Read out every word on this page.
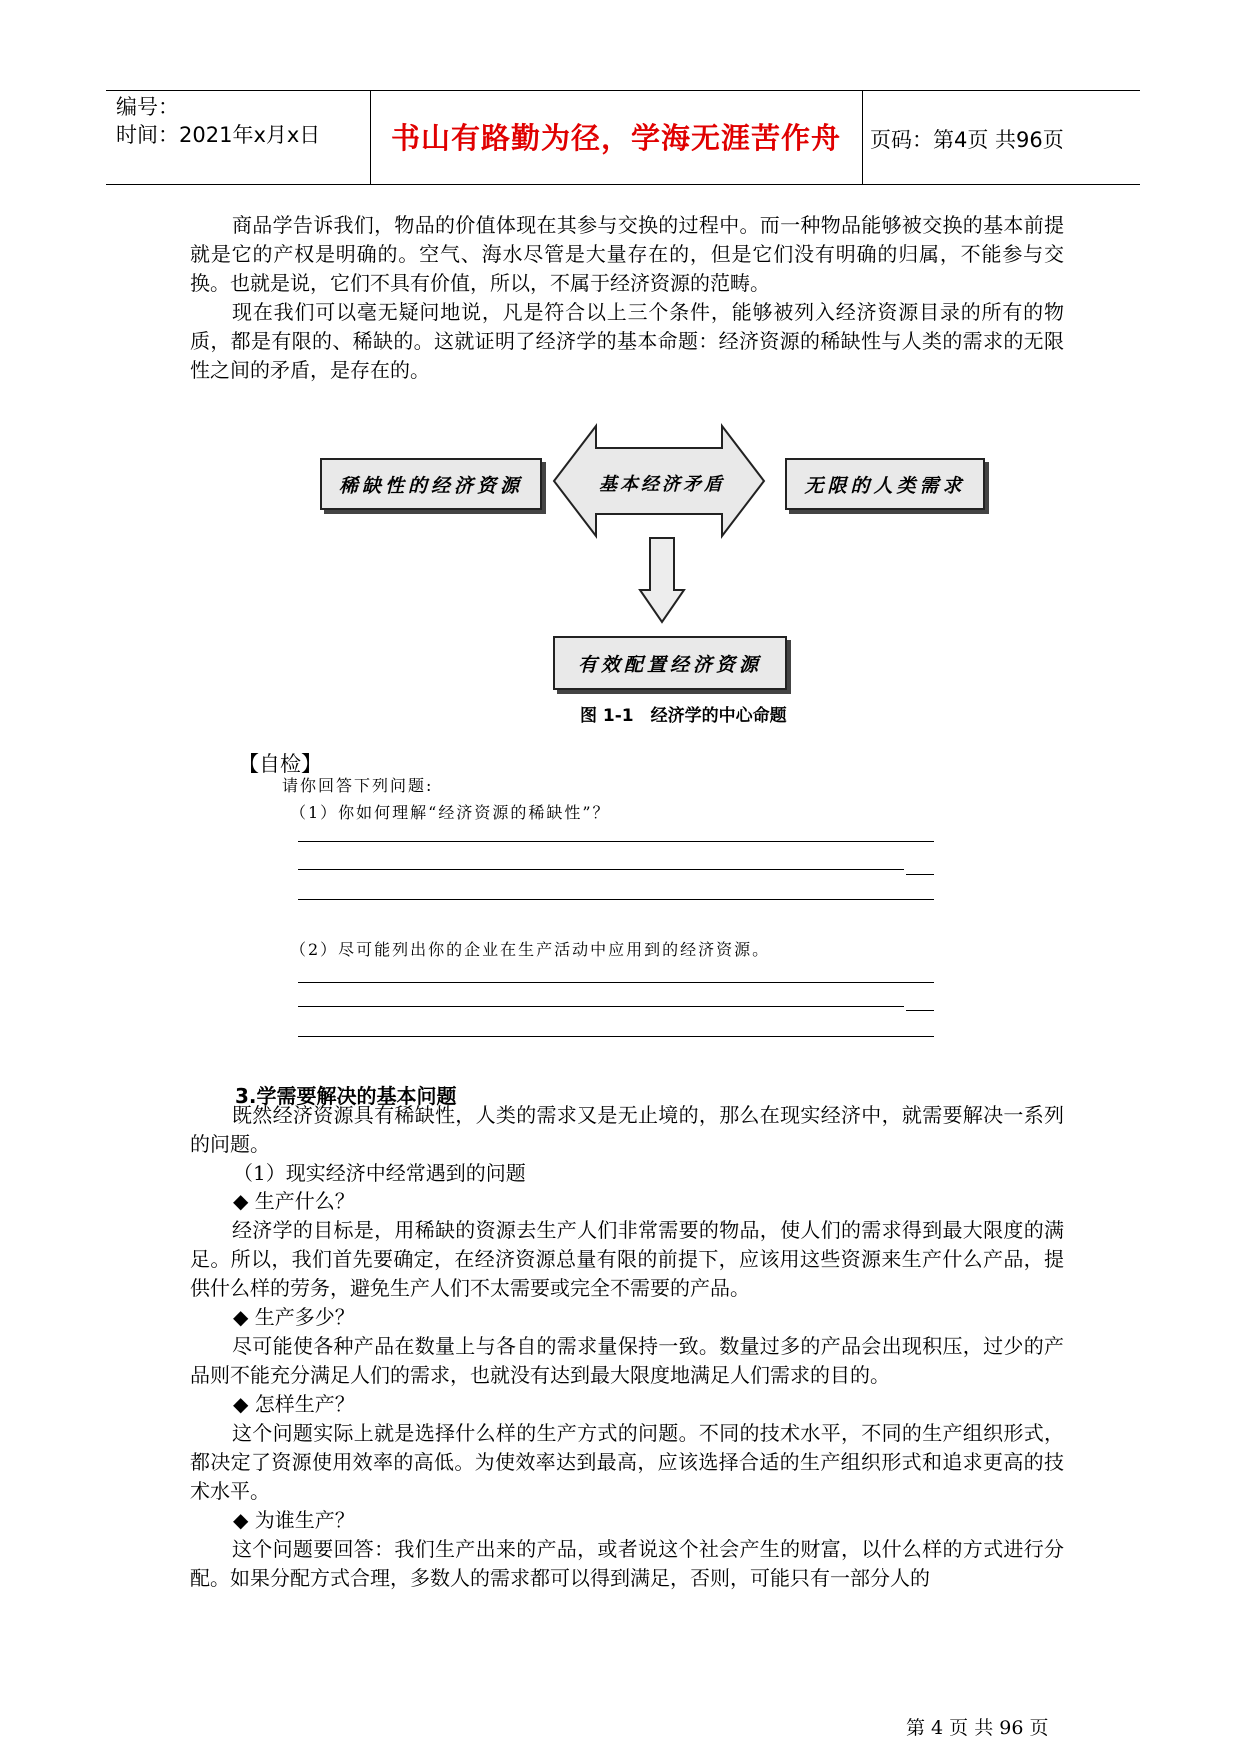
编号：
时间：2021年x月x日	书山有路勤为径，学海无涯苦作舟	页码：第4页 共96页
商品学告诉我们，物品的价值体现在其参与交换的过程中。而一种物品能够被交换的基本前提就是它的产权是明确的。空气、海水尽管是大量存在的，但是它们没有明确的归属，不能参与交换。也就是说，它们不具有价值，所以，不属于经济资源的范畴。
现在我们可以毫无疑问地说，凡是符合以上三个条件，能够被列入经济资源目录的所有的物质，都是有限的、稀缺的。这就证明了经济学的基本命题：经济资源的稀缺性与人类的需求的无限性之间的矛盾，是存在的。
稀缺性的经济资源	无限的人类需求
有效配置经济资源
基本经济矛盾
图 1-1　经济学的中心命题
【自检】
请你回答下列问题:
（1）你如何理解“经济资源的稀缺性”？
（2）尽可能列出你的企业在生产活动中应用到的经济资源。
3.学需要解决的基本问题
既然经济资源具有稀缺性，人类的需求又是无止境的，那么在现实经济中，就需要解决一系列的问题。
（1）现实经济中经常遇到的问题
◆ 生产什么？
经济学的目标是，用稀缺的资源去生产人们非常需要的物品，使人们的需求得到最大限度的满足。所以，我们首先要确定，在经济资源总量有限的前提下，应该用这些资源来生产什么产品，提供什么样的劳务，避免生产人们不太需要或完全不需要的产品。
◆ 生产多少？
尽可能使各种产品在数量上与各自的需求量保持一致。数量过多的产品会出现积压，过少的产品则不能充分满足人们的需求，也就没有达到最大限度地满足人们需求的目的。
◆ 怎样生产？
这个问题实际上就是选择什么样的生产方式的问题。不同的技术水平，不同的生产组织形式，都决定了资源使用效率的高低。为使效率达到最高，应该选择合适的生产组织形式和追求更高的技术水平。
◆ 为谁生产？
这个问题要回答：我们生产出来的产品，或者说这个社会产生的财富，以什么样的方式进行分配。如果分配方式合理，多数人的需求都可以得到满足，否则，可能只有一部分人的
第 4 页 共 96 页
